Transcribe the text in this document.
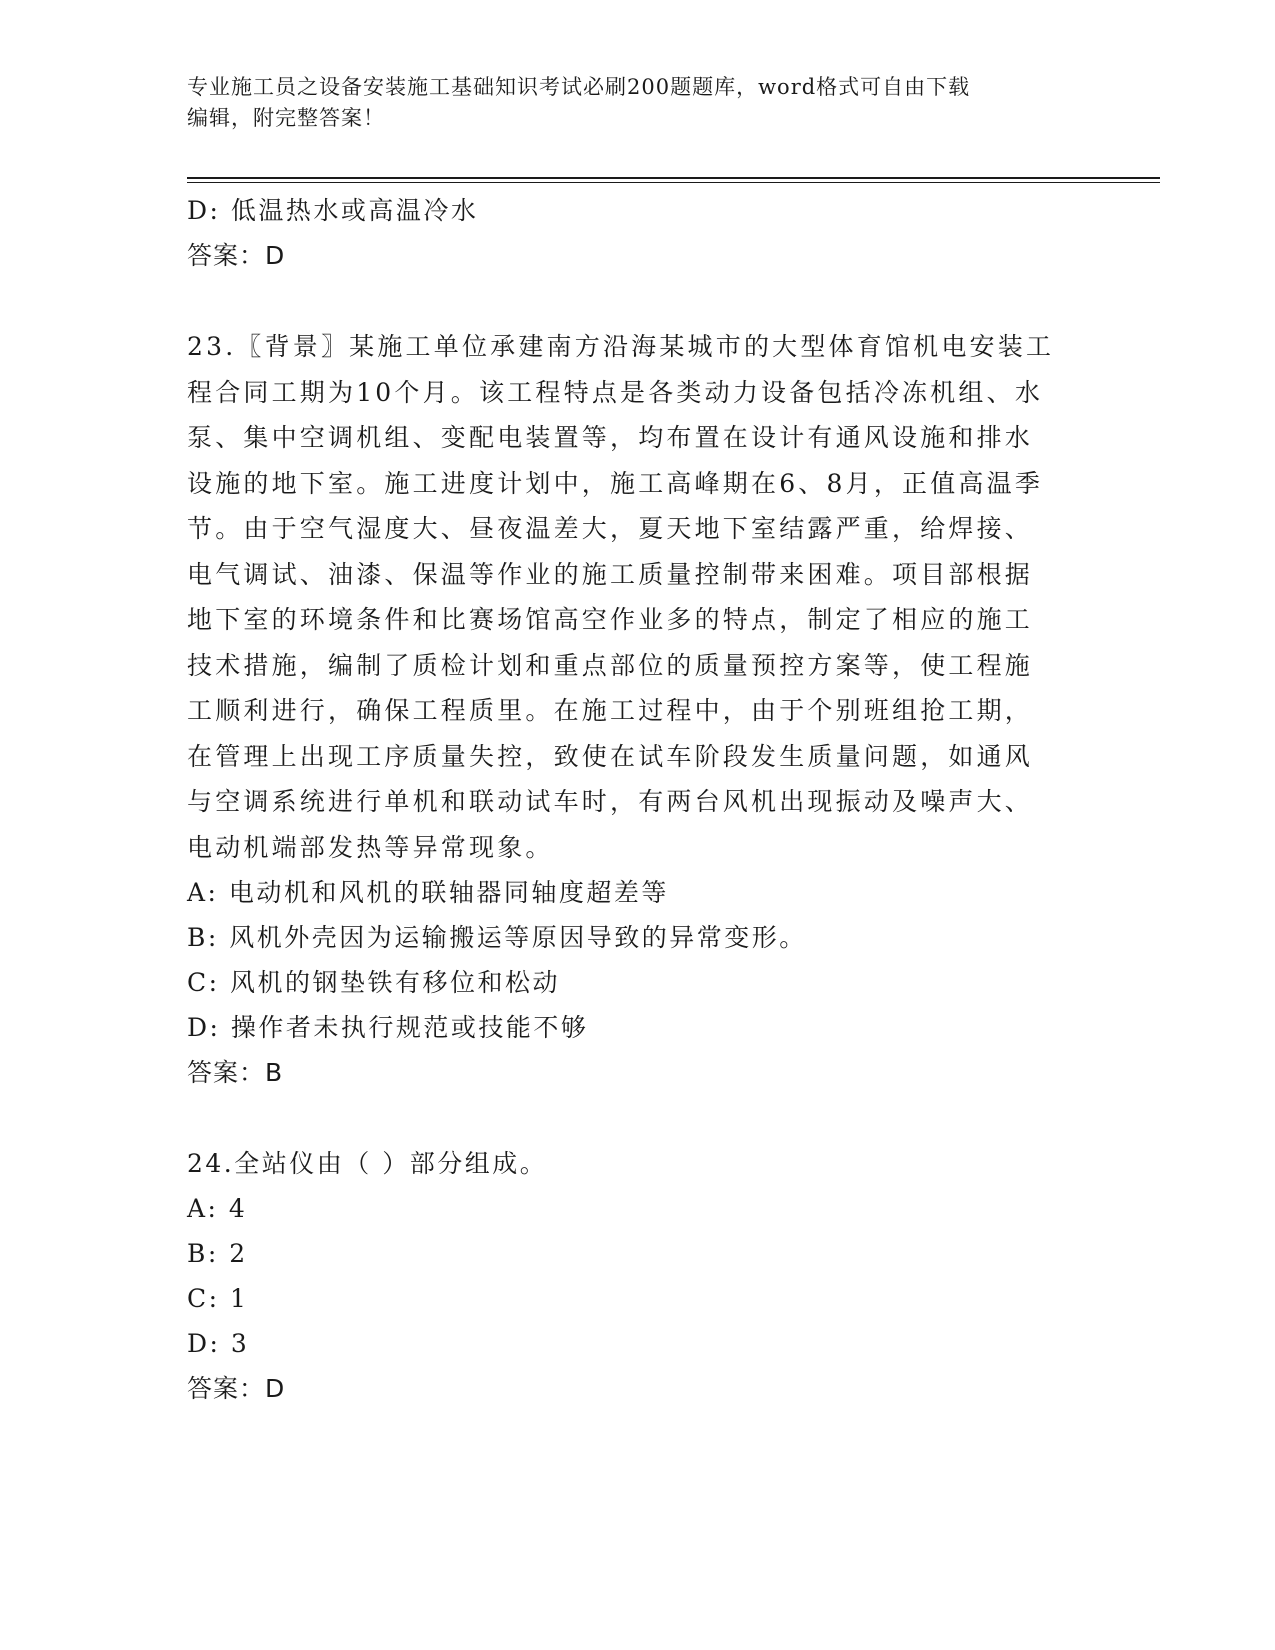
专业施工员之设备安装施工基础知识考试必刷200题题库，word格式可自由下载
编辑，附完整答案！
D: 低温热水或高温冷水
答案：D
23.〖背景〗某施工单位承建南方沿海某城市的大型体育馆机电安装工
程合同工期为10个月。该工程特点是各类动力设备包括冷冻机组、水
泵、集中空调机组、变配电装置等，均布置在设计有通风设施和排水
设施的地下室。施工进度计划中，施工高峰期在6、8月，正值高温季
节。由于空气湿度大、昼夜温差大，夏天地下室结露严重，给焊接、
电气调试、油漆、保温等作业的施工质量控制带来困难。项目部根据
地下室的环境条件和比赛场馆高空作业多的特点，制定了相应的施工
技术措施，编制了质检计划和重点部位的质量预控方案等，使工程施
工顺利进行，确保工程质里。在施工过程中，由于个别班组抢工期，
在管理上出现工序质量失控，致使在试车阶段发生质量问题，如通风
与空调系统进行单机和联动试车时，有两台风机出现振动及噪声大、
电动机端部发热等异常现象。
A: 电动机和风机的联轴器同轴度超差等
B: 风机外壳因为运输搬运等原因导致的异常变形。
C: 风机的钢垫铁有移位和松动
D: 操作者未执行规范或技能不够
答案：B
24.全站仪由（ ）部分组成。
A: 4
B: 2
C: 1
D: 3
答案：D
